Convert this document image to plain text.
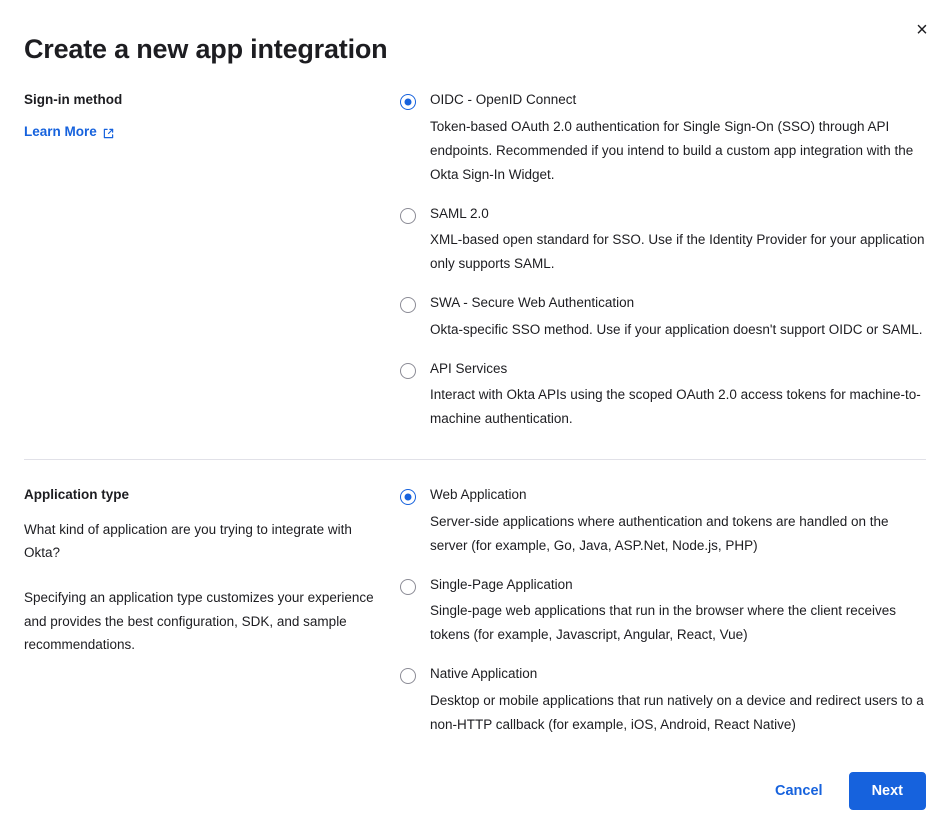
×
Create a new app integration

Sign-in method

Learn More
OIDC - OpenID Connect
Token-based OAuth 2.0 authentication for Single Sign-On (SSO) through API endpoints. Recommended if you intend to build a custom app integration with the Okta Sign-In Widget.
SAML 2.0
XML-based open standard for SSO. Use if the Identity Provider for your application only supports SAML.
SWA - Secure Web Authentication
Okta-specific SSO method. Use if your application doesn't support OIDC or SAML.
API Services
Interact with Okta APIs using the scoped OAuth 2.0 access tokens for machine-to-machine authentication.

Application type

What kind of application are you trying to integrate with Okta?

Specifying an application type customizes your experience and provides the best configuration, SDK, and sample recommendations.

Web Application
Server-side applications where authentication and tokens are handled on the server (for example, Go, Java, ASP.Net, Node.js, PHP)
Single-Page Application
Single-page web applications that run in the browser where the client receives tokens (for example, Javascript, Angular, React, Vue)
Native Application
Desktop or mobile applications that run natively on a device and redirect users to a non-HTTP callback (for example, iOS, Android, React Native)
Cancel	Next
